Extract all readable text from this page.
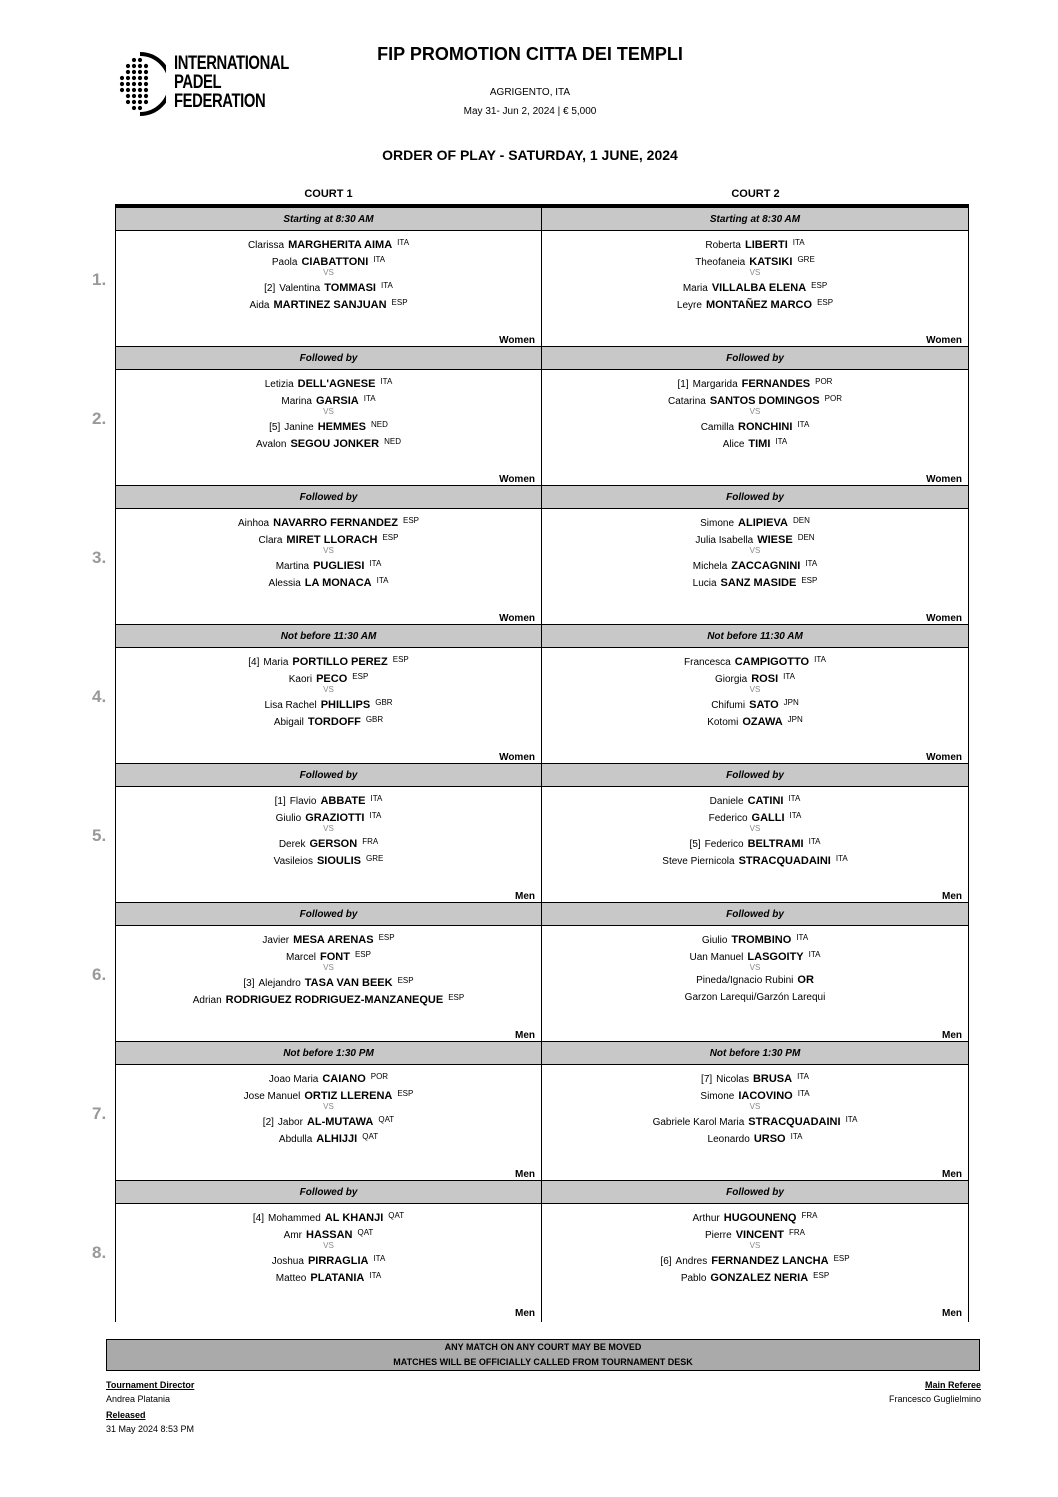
INTERNATIONAL
PADEL
FEDERATION
FIP PROMOTION CITTA DEI TEMPLI
AGRIGENTO, ITA
May 31- Jun 2, 2024 | € 5,000
ORDER OF PLAY - SATURDAY, 1 JUNE, 2024
COURT 1	COURT 2
1.
2.
3.
4.
5.
6.
7.
8.
Starting at 8:30 AM
Clarissa MARGHERITA AIMA $^{ITA}$
Paola CIABATTONI $^{ITA}$
VS
[2] Valentina TOMMASI $^{ITA}$
Aida MARTINEZ SANJUAN $^{ESP}$
Women
Followed by
Letizia DELL'AGNESE $^{ITA}$
Marina GARSIA $^{ITA}$
VS
[5] Janine HEMMES $^{NED}$
Avalon SEGOU JONKER $^{NED}$
Women
Followed by
Ainhoa NAVARRO FERNANDEZ $^{ESP}$
Clara MIRET LLORACH $^{ESP}$
VS
Martina PUGLIESI $^{ITA}$
Alessia LA MONACA $^{ITA}$
Women
Not before 11:30 AM
[4] Maria PORTILLO PEREZ $^{ESP}$
Kaori PECO $^{ESP}$
VS
Lisa Rachel PHILLIPS $^{GBR}$
Abigail TORDOFF $^{GBR}$
Women
Followed by
[1] Flavio ABBATE $^{ITA}$
Giulio GRAZIOTTI $^{ITA}$
VS
Derek GERSON $^{FRA}$
Vasileios SIOULIS $^{GRE}$
Men
Followed by
Javier MESA ARENAS $^{ESP}$
Marcel FONT $^{ESP}$
VS
[3] Alejandro TASA VAN BEEK $^{ESP}$
Adrian RODRIGUEZ RODRIGUEZ-MANZANEQUE $^{ESP}$
Men
Not before 1:30 PM
Joao Maria CAIANO $^{POR}$
Jose Manuel ORTIZ LLERENA $^{ESP}$
VS
[2] Jabor AL-MUTAWA $^{QAT}$
Abdulla ALHIJJI $^{QAT}$
Men
Followed by
[4] Mohammed AL KHANJI $^{QAT}$
Amr HASSAN $^{QAT}$
VS
Joshua PIRRAGLIA $^{ITA}$
Matteo PLATANIA $^{ITA}$
Men
Starting at 8:30 AM
Roberta LIBERTI $^{ITA}$
Theofaneia KATSIKI $^{GRE}$
VS
Maria VILLALBA ELENA $^{ESP}$
Leyre MONTAÑEZ MARCO $^{ESP}$
Women
Followed by
[1] Margarida FERNANDES $^{POR}$
Catarina SANTOS DOMINGOS $^{POR}$
VS
Camilla RONCHINI $^{ITA}$
Alice TIMI $^{ITA}$
Women
Followed by
Simone ALIPIEVA $^{DEN}$
Julia Isabella WIESE $^{DEN}$
VS
Michela ZACCAGNINI $^{ITA}$
Lucia SANZ MASIDE $^{ESP}$
Women
Not before 11:30 AM
Francesca CAMPIGOTTO $^{ITA}$
Giorgia ROSI $^{ITA}$
VS
Chifumi SATO $^{JPN}$
Kotomi OZAWA $^{JPN}$
Women
Followed by
Daniele CATINI $^{ITA}$
Federico GALLI $^{ITA}$
VS
[5] Federico BELTRAMI $^{ITA}$
Steve Piernicola STRACQUADAINI $^{ITA}$
Men
Followed by
Giulio TROMBINO $^{ITA}$
Uan Manuel LASGOITY $^{ITA}$
VS
Pineda/Ignacio Rubini OR
Garzon Larequi/Garzón Larequi
Men
Not before 1:30 PM
[7] Nicolas BRUSA $^{ITA}$
Simone IACOVINO $^{ITA}$
VS
Gabriele Karol Maria STRACQUADAINI $^{ITA}$
Leonardo URSO $^{ITA}$
Men
Followed by
Arthur HUGOUNENQ $^{FRA}$
Pierre VINCENT $^{FRA}$
VS
[6] Andres FERNANDEZ LANCHA $^{ESP}$
Pablo GONZALEZ NERIA $^{ESP}$
Men
ANY MATCH ON ANY COURT MAY BE MOVED
MATCHES WILL BE OFFICIALLY CALLED FROM TOURNAMENT DESK
Tournament Director
Andrea Platania
Released
31 May 2024 8:53 PM
Main Referee
Francesco Guglielmino
